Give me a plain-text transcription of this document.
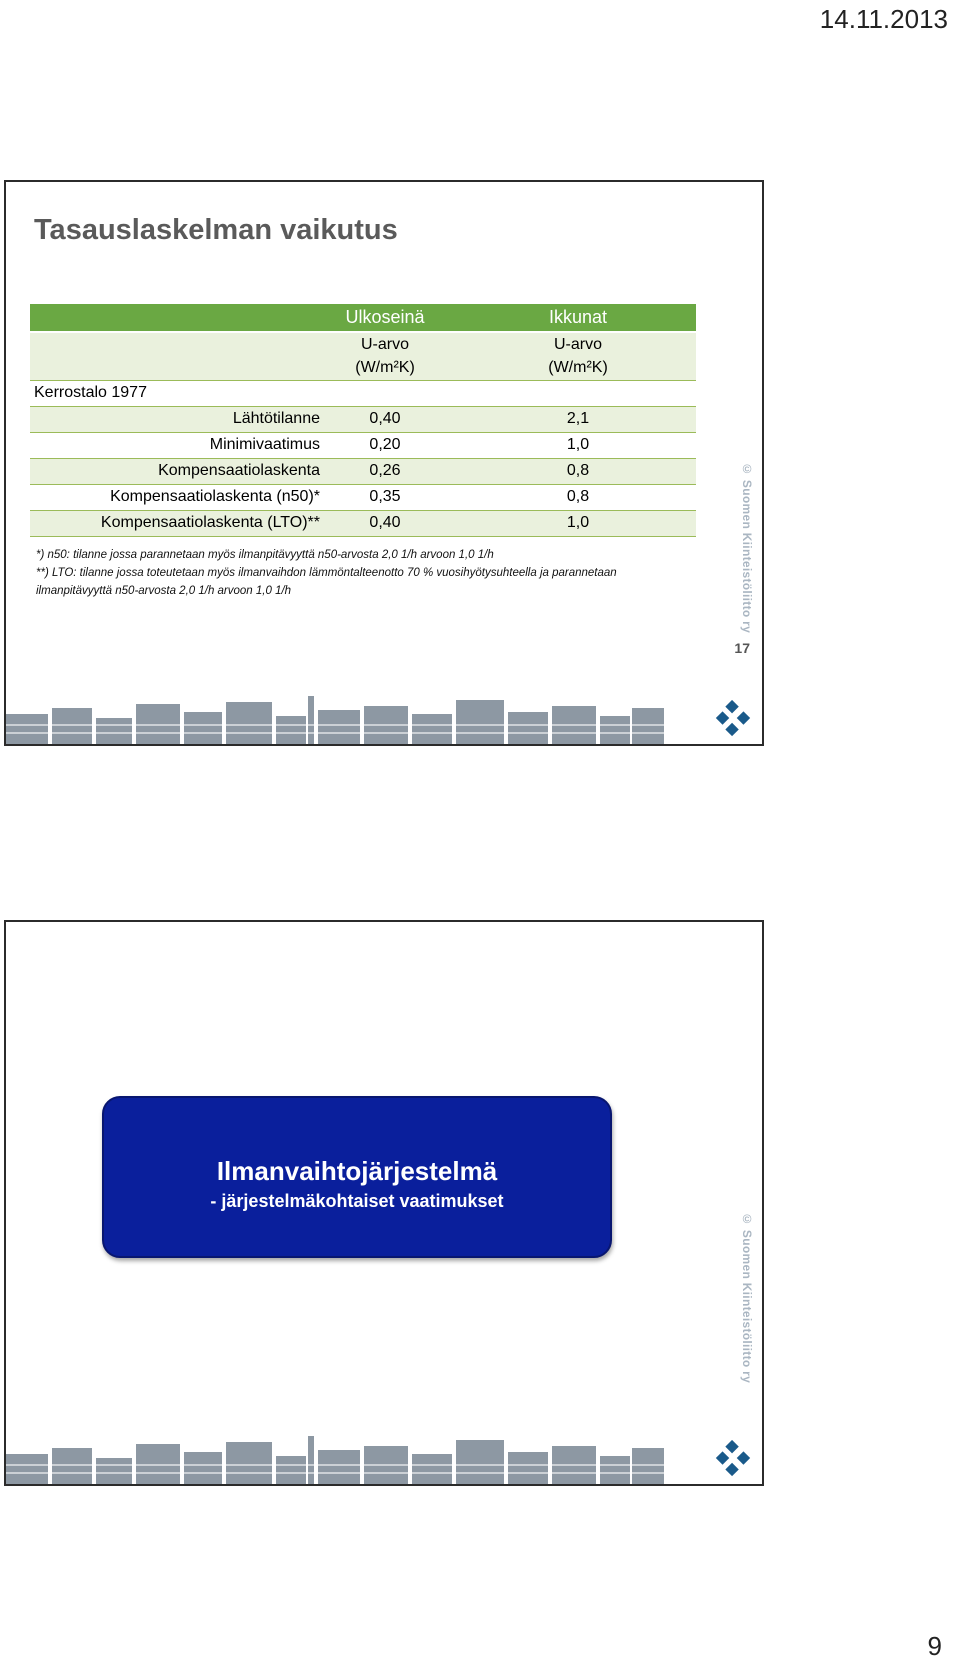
14.11.2013
Tasauslaskelman vaikutus
	Ulkoseinä	Ikkunat
	U-arvo	U-arvo
	(W/m²K)	(W/m²K)
Kerrostalo 1977		
Lähtötilanne	0,40	2,1
Minimivaatimus	0,20	1,0
Kompensaatiolaskenta	0,26	0,8
Kompensaatiolaskenta (n50)*	0,35	0,8
Kompensaatiolaskenta (LTO)**	0,40	1,0

*) n50: tilanne jossa parannetaan myös ilmanpitävyyttä n50-arvosta 2,0 1/h arvoon 1,0 1/h

**) LTO: tilanne jossa toteutetaan myös ilmanvaihdon lämmöntalteenotto 70 % vuosihyötysuhteella ja parannetaan ilmanpitävyyttä n50-arvosta 2,0 1/h arvoon 1,0 1/h	© Suomen Kiinteistöliitto ry
17

Ilmanvaihtojärjestelmä

- järjestelmäkohtaiset vaatimukset

© Suomen Kiinteistöliitto ry
9
